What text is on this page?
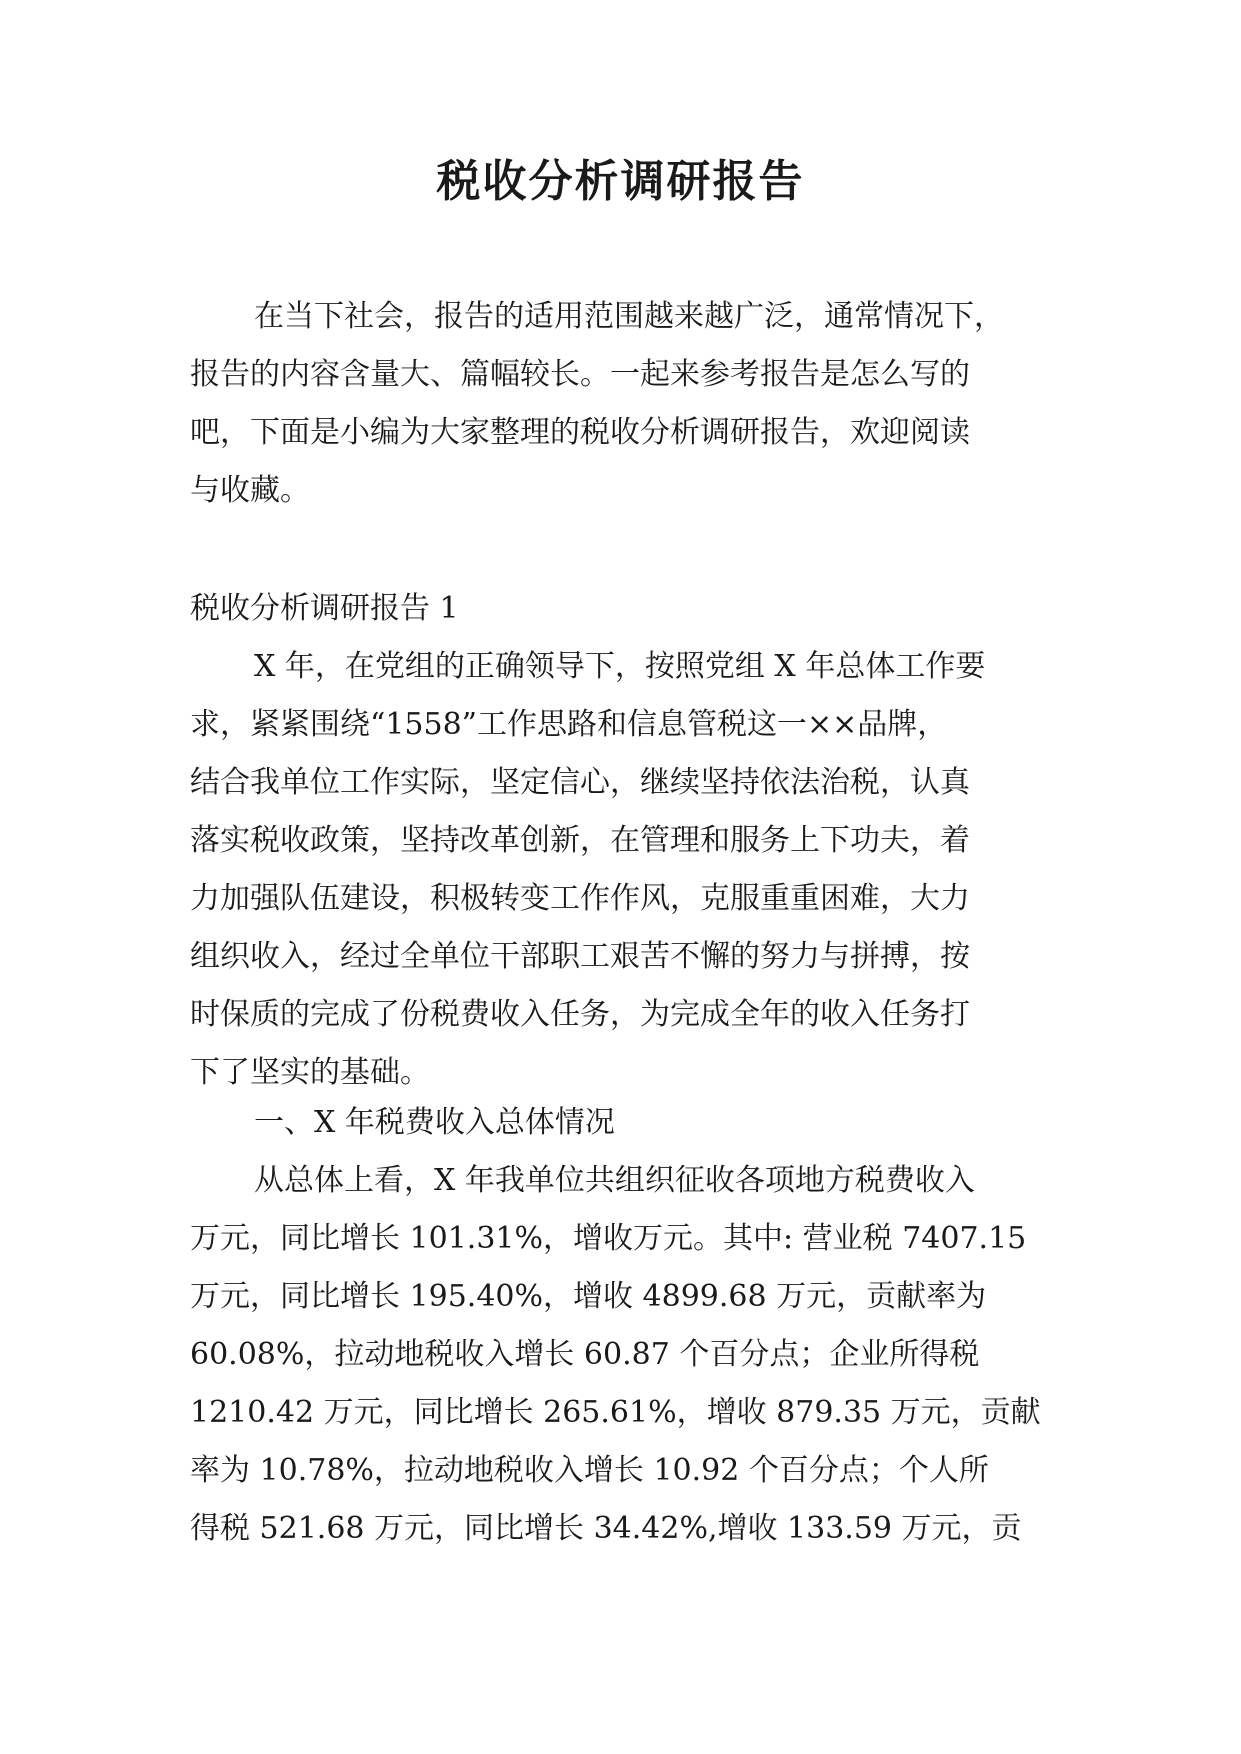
税收分析调研报告
在当下社会，报告的适用范围越来越广泛，通常情况下，
报告的内容含量大、篇幅较长。一起来参考报告是怎么写的
吧，下面是小编为大家整理的税收分析调研报告，欢迎阅读
与收藏。
税收分析调研报告 1
X 年，在党组的正确领导下，按照党组 X 年总体工作要
求，紧紧围绕“1558”工作思路和信息管税这一××品牌，
结合我单位工作实际，坚定信心，继续坚持依法治税，认真
落实税收政策，坚持改革创新，在管理和服务上下功夫，着
力加强队伍建设，积极转变工作作风，克服重重困难，大力
组织收入，经过全单位干部职工艰苦不懈的努力与拼搏，按
时保质的完成了份税费收入任务，为完成全年的收入任务打
下了坚实的基础。
一、X 年税费收入总体情况
从总体上看，X 年我单位共组织征收各项地方税费收入
万元，同比增长 101.31%，增收万元。其中: 营业税 7407.15
万元，同比增长 195.40%，增收 4899.68 万元，贡献率为
60.08%，拉动地税收入增长 60.87 个百分点；企业所得税
1210.42 万元，同比增长 265.61%，增收 879.35 万元，贡献
率为 10.78%，拉动地税收入增长 10.92 个百分点；个人所
得税 521.68 万元，同比增长 34.42%,增收 133.59 万元，贡
